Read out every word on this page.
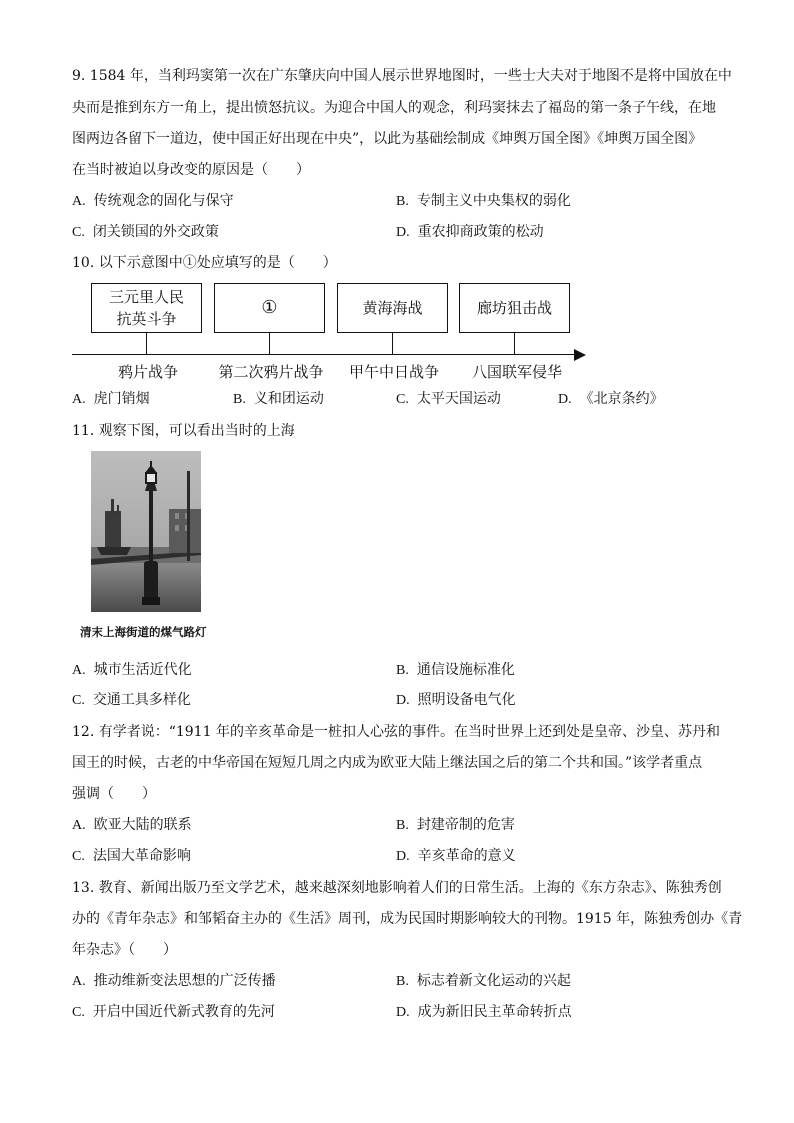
9. 1584 年，当利玛窦第一次在广东肇庆向中国人展示世界地图时，一些士大夫对于地图不是将中国放在中
央而是推到东方一角上，提出愤怒抗议。为迎合中国人的观念，利玛窦抹去了福岛的第一条子午线，在地
图两边各留下一道边，使中国正好出现在中央”，以此为基础绘制成《坤舆万国全图》《坤舆万国全图》
在当时被迫以身改变的原因是（　　）
A. 传统观念的固化与保守	B. 专制主义中央集权的弱化
C. 闭关锁国的外交政策	D. 重农抑商政策的松动
10. 以下示意图中①处应填写的是（　　）
三元里人民
抗英斗争
①	黄海海战	廊坊狙击战
鸦片战争	第二次鸦片战争 甲午中日战争 八国联军侵华
A. 虎门销烟	B. 义和团运动	C. 太平天国运动	D. 《北京条约》
11. 观察下图，可以看出当时的上海
清末上海街道的煤气路灯
A. 城市生活近代化	B. 通信设施标准化
C. 交通工具多样化	D. 照明设备电气化
12. 有学者说：“1911 年的辛亥革命是一桩扣人心弦的事件。在当时世界上还到处是皇帝、沙皇、苏丹和
国王的时候，古老的中华帝国在短短几周之内成为欧亚大陆上继法国之后的第二个共和国。”该学者重点
强调（　　）
A. 欧亚大陆的联系	B. 封建帝制的危害
C. 法国大革命影响	D. 辛亥革命的意义
13. 教育、新闻出版乃至文学艺术，越来越深刻地影响着人们的日常生活。上海的《东方杂志》、陈独秀创
办的《青年杂志》和邹韬奋主办的《生活》周刊，成为民国时期影响较大的刊物。1915 年，陈独秀创办《青
年杂志》（　　）
A. 推动维新变法思想的广泛传播	B. 标志着新文化运动的兴起
C. 开启中国近代新式教育的先河	D. 成为新旧民主革命转折点
